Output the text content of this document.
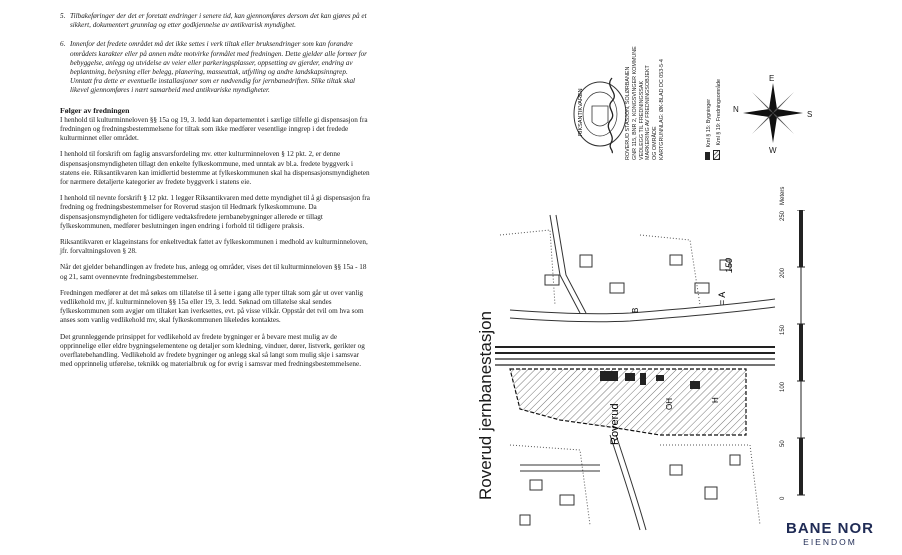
5. Tilbakeføringer der det er foretatt endringer i senere tid, kan gjennomføres dersom det kan gjøres på et sikkert, dokumentert grunnlag og etter godkjennelse av antikvarisk myndighet.
6. Innenfor det fredete området må det ikke settes i verk tiltak eller bruksendringer som kan forandre områdets karakter eller på annen måte motvirke formålet med fredningen. Dette gjelder alle former for bebyggelse, anlegg og utvidelse av veier eller parkeringsplasser, oppsetting av gjerder, endring av beplantning, belysning eller belegg, planering, masseuttak, utfylling og andre landskapsinngrep. Unntatt fra dette er eventuelle installasjoner som er nødvendig for jernbanedriften. Slike tiltak skal likevel gjennomføres i nært samarbeid med antikvariske myndigheter.
Følger av fredningen

I henhold til kulturminneloven §§ 15a og 19, 3. ledd kan departementet i særlige tilfelle gi dispensasjon fra fredningen og fredningsbestemmelsene for tiltak som ikke medfører vesentlige inngrep i det fredede kulturminnet eller området.

I henhold til forskrift om faglig ansvarsfordeling mv. etter kulturminneloven § 12 pkt. 2, er denne dispensasjonsmyndigheten tillagt den enkelte fylkeskommune, med unntak av bl.a. fredete byggverk i statens eie. Riksantikvaren kan imidlertid bestemme at fylkeskommunen skal ha dispensasjonsmyndigheten for nærmere detaljerte kategorier av fredete byggverk i statens eie.

I henhold til nevnte forskrift § 12 pkt. 1 legger Riksantikvaren med dette myndighet til å gi dispensasjon fra fredning og fredningsbestemmelser for Roverud stasjon til Hedmark fylkeskommune. Da dispensasjonsmyndigheten for tidligere vedtaksfredete jernbanebygninger allerede er tillagt fylkeskommunen, medfører beslutningen ingen endring i forhold til tidligere praksis.

Riksantikvaren er klageinstans for enkeltvedtak fattet av fylkeskommunen i medhold av kulturminneloven, jfr. forvaltningsloven § 28.

Når det gjelder behandlingen av fredete hus, anlegg og områder, vises det til kulturminneloven §§ 15a - 18 og 21, samt ovennevnte fredningsbestemmelser.

Fredningen medfører at det må søkes om tillatelse til å sette i gang alle typer tiltak som går ut over vanlig vedlikehold mv, jf. kulturminneloven §§ 15a eller 19, 3. ledd. Søknad om tillatelse skal sendes fylkeskommunen som avgjør om tiltaket kan iverksettes, evt. på visse vilkår. Oppstår det tvil om hva som anses som vanlig vedlikehold mv, skal fylkeskommunen likeledes kontaktes.

Det grunnleggende prinsippet for vedlikehold av fredete bygninger er å bevare mest mulig av de opprinnelige eller eldre bygningselementene og detaljer som kledning, vinduer, dører, listverk, gerikter og overflatebehandling. Vedlikehold av fredete bygninger og anlegg skal så langt som mulig skje i samsvar med opprinnelig utførelse, teknikk og materialbruk og for øvrig i samsvar med fredningsbestemmelsene.	Roverud jernbanestasjon	Roverud
150
= A
B
OH	H
ROVERUD STASJON, SOLØRBANEN GNR 115, BNR 2, KONGSVINGER KOMMUNE VEDLEGG TIL FREDNINGSSAK MARKERING AV FREDNINGSOBJEKT OG OMRÅDE KARTGRUNNLAG: ØK-BLAD DC 053-5-4	Kml § 15: Bygninger Kml § 19: Fredningsområde
RIKSANTIKVAREN	N
E
S
W
0
50
100
150
200
250
Meters
BANE NOR
EIENDOM
